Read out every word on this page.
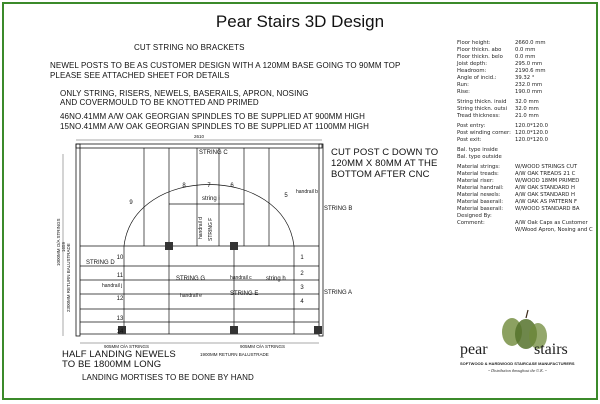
Pear Stairs 3D Design
CUT STRING NO BRACKETS
NEWEL POSTS TO BE AS CUSTOMER DESIGN WITH A 120MM BASE GOING TO 90MM TOP
PLEASE SEE ATTACHED SHEET FOR DETAILS
ONLY STRING, RISERS, NEWELS, BASERAILS, APRON, NOSING
AND COVERMOULD TO BE KNOTTED AND PRIMED
46NO.41MM A/W OAK GEORGIAN SPINDLES TO BE SUPPLIED AT 900MM HIGH
15NO.41MM A/W OAK GEORGIAN SPINDLES TO BE SUPPLIED AT 1100MM HIGH
CUT POST C DOWN TO
120MM X 80MM AT THE
BOTTOM AFTER CNC
HALF LANDING NEWELS
TO BE 1800MM LONG
LANDING MORTISES TO BE DONE BY HAND
2610
1
2
3
4
5
6
7
8
9
10
11
12
13
14
STRING C
STRING B
STRING D
STRING A
STRING E
STRING G
string i
string h
handrail b
handrail c
handrail e
handrail j
handrail d STRING F
1000MM O/A STRINGS
2300MM RETURN BALUSTRADE
1659
905MM O/A STRINGS	905MM O/A STRINGS
1900MM RETURN BALUSTRADE
Floor height:	2660.0 mm
Floor thickn. abo	0.0 mm
Floor thickn. belo 0.0 mm
Joist depth:	295.0 mm
Headroom:	2190.6 mm
Angle of incid.:	39.32 °
Run:	232.0 mm
Rise:	190.0 mm
String thickn. insid 32.0 mm
String thickn. outsi 32.0 mm
Tread thickness:	21.0 mm
Post entry:	120.0*120.0
Post winding corner: 120.0*120.0
Post exit:	120.0*120.0
Bal. type inside
Bal. type outside
Material strings:	W/WOOD STRINGS CUT
Material treads:	A/W OAK TREADS 21 C
Material riser:	W/WOOD 18MM PRIMED
Material handrail: A/W OAK STANDARD H
Material newels:	A/W OAK STANDARD H
Material baserail: A/W OAK AS PATTERN F
Material baserail: W/WOOD STANDARD BA
Designed By:
Comment:	A/W Oak Caps as Customer
W/Wood Apron, Nosing and C
pear	stairs
SOFTWOOD & HARDWOOD STAIRCASE MANUFACTURERS
~ Distribution throughout the U.K. ~
